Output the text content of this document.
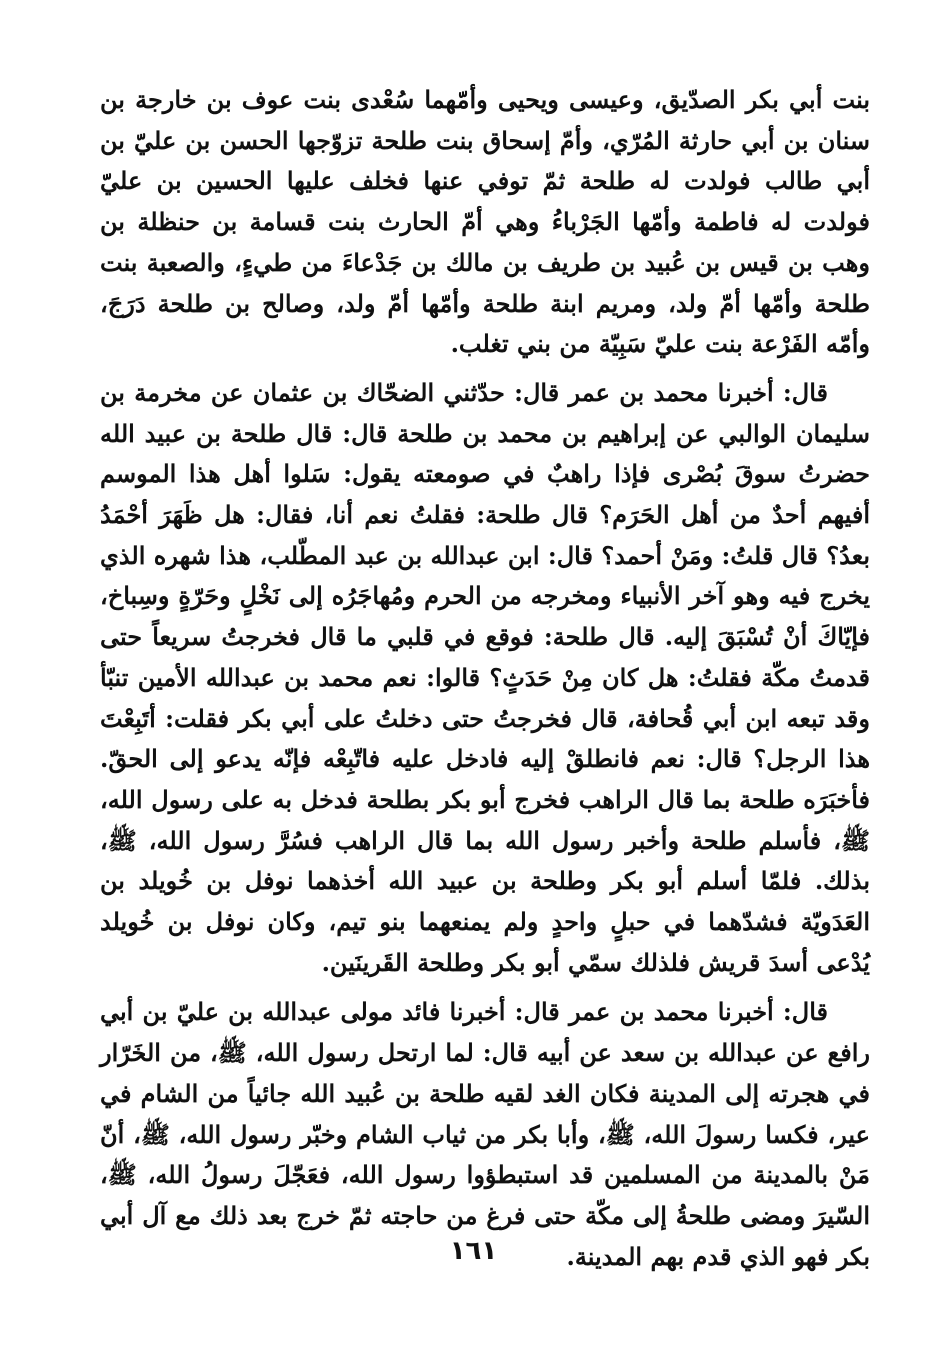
بنت أبي بكر الصدّيق، وعيسى ويحيى وأمّهما سُعْدى بنت عوف بن خارجة بن سنان بن أبي حارثة المُرّي، وأمّ إسحاق بنت طلحة تزوّجها الحسن بن عليّ بن أبي طالب فولدت له طلحة ثمّ توفي عنها فخلف عليها الحسين بن عليّ فولدت له فاطمة وأمّها الجَرْباءُ وهي أمّ الحارث بنت قسامة بن حنظلة بن وهب بن قيس بن عُبيد بن طريف بن مالك بن جَدْعاءَ من طيءٍ، والصعبة بنت طلحة وأمّها أمّ ولد، ومريم ابنة طلحة وأمّها أمّ ولد، وصالح بن طلحة دَرَجَ، وأمّه الفَرْعة بنت عليّ سَبِيّة من بني تغلب.

قال: أخبرنا محمد بن عمر قال: حدّثني الضحّاك بن عثمان عن مخرمة بن سليمان الوالبي عن إبراهيم بن محمد بن طلحة قال: قال طلحة بن عبيد الله حضرتُ سوقَ بُصْرى فإذا راهبٌ في صومعته يقول: سَلوا أهل هذا الموسم أفيهم أحدٌ من أهل الحَرَم؟ قال طلحة: فقلتُ نعم أنا، فقال: هل ظَهَرَ أحْمَدُ بعدُ؟ قال قلتُ: ومَنْ أحمد؟ قال: ابن عبدالله بن عبد المطّلب، هذا شهره الذي يخرج فيه وهو آخر الأنبياء ومخرجه من الحرم ومُهاجَرُه إلى نَخْلٍ وحَرّةٍ وسِباخ، فإيّاكَ أنْ تُسْبَقَ إليه. قال طلحة: فوقع في قلبي ما قال فخرجتُ سريعاً حتى قدمتُ مكّة فقلتُ: هل كان مِنْ حَدَثٍ؟ قالوا: نعم محمد بن عبدالله الأمين تنبّأ وقد تبعه ابن أبي قُحافة، قال فخرجتُ حتى دخلتُ على أبي بكر فقلت: أتَبِعْتَ هذا الرجل؟ قال: نعم فانطلقْ إليه فادخل عليه فاتّبِعْه فإنّه يدعو إلى الحقّ. فأخبَرَه طلحة بما قال الراهب فخرج أبو بكر بطلحة فدخل به على رسول الله، ﷺ، فأسلم طلحة وأخبر رسول الله بما قال الراهب فسُرَّ رسول الله، ﷺ، بذلك. فلمّا أسلم أبو بكر وطلحة بن عبيد الله أخذهما نوفل بن خُويلد بن العَدَويّة فشدّهما في حبلٍ واحدٍ ولم يمنعهما بنو تيم، وكان نوفل بن خُويلد يُدْعى أسدَ قريش فلذلك سمّي أبو بكر وطلحة القَرينَين.

قال: أخبرنا محمد بن عمر قال: أخبرنا فائد مولى عبدالله بن عليّ بن أبي رافع عن عبدالله بن سعد عن أبيه قال: لما ارتحل رسول الله، ﷺ، من الخَرّار في هجرته إلى المدينة فكان الغد لقيه طلحة بن عُبيد الله جائياً من الشام في عير، فكسا رسولَ الله، ﷺ، وأبا بكر من ثياب الشام وخبّر رسول الله، ﷺ، أنّ مَنْ بالمدينة من المسلمين قد استبطؤوا رسول الله، فعَجّلَ رسولُ الله، ﷺ، السّيرَ ومضى طلحةُ إلى مكّة حتى فرغ من حاجته ثمّ خرج بعد ذلك مع آل أبي بكر فهو الذي قدم بهم المدينة.

١٦١
